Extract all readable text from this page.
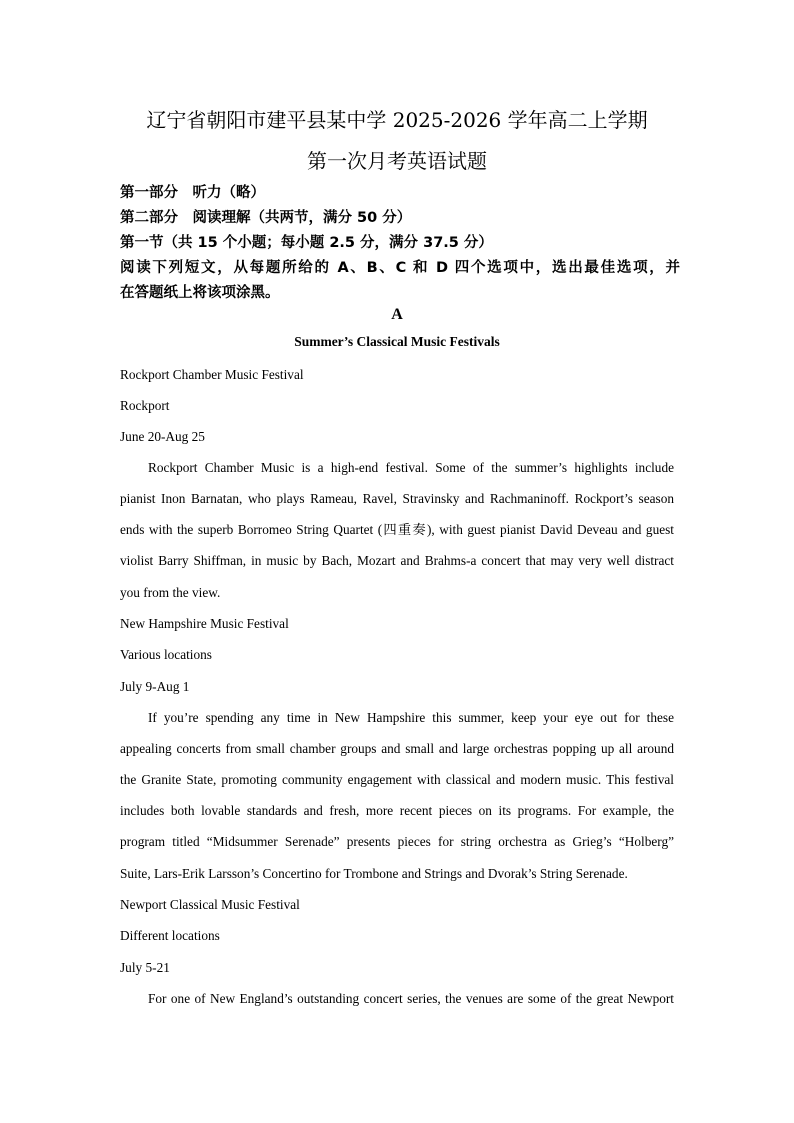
辽宁省朝阳市建平县某中学 2025-2026 学年高二上学期
第一次月考英语试题
第一部分　听力（略）
第二部分　阅读理解（共两节，满分 50 分）
第一节（共 15 个小题；每小题 2.5 分，满分 37.5 分）
阅读下列短文，从每题所给的 A、B、C 和 D 四个选项中，选出最佳选项，并
在答题纸上将该项涂黑。
A
Summer’s Classical Music Festivals
Rockport Chamber Music Festival
Rockport
June 20-Aug 25
Rockport Chamber Music is a high-end festival. Some of the summer’s highlights include
pianist Inon Barnatan, who plays Rameau, Ravel, Stravinsky and Rachmaninoff. Rockport’s season
ends with the superb Borromeo String Quartet (四重奏), with guest pianist David Deveau and guest
violist Barry Shiffman, in music by Bach, Mozart and Brahms-a concert that may very well distract
you from the view.
New Hampshire Music Festival
Various locations
July 9-Aug 1
If you’re spending any time in New Hampshire this summer, keep your eye out for these
appealing concerts from small chamber groups and small and large orchestras popping up all around
the Granite State, promoting community engagement with classical and modern music. This festival
includes both lovable standards and fresh, more recent pieces on its programs. For example, the
program titled “Midsummer Serenade” presents pieces for string orchestra as Grieg’s “Holberg”
Suite, Lars-Erik Larsson’s Concertino for Trombone and Strings and Dvorak’s String Serenade.
Newport Classical Music Festival
Different locations
July 5-21
For one of New England’s outstanding concert series, the venues are some of the great Newport
